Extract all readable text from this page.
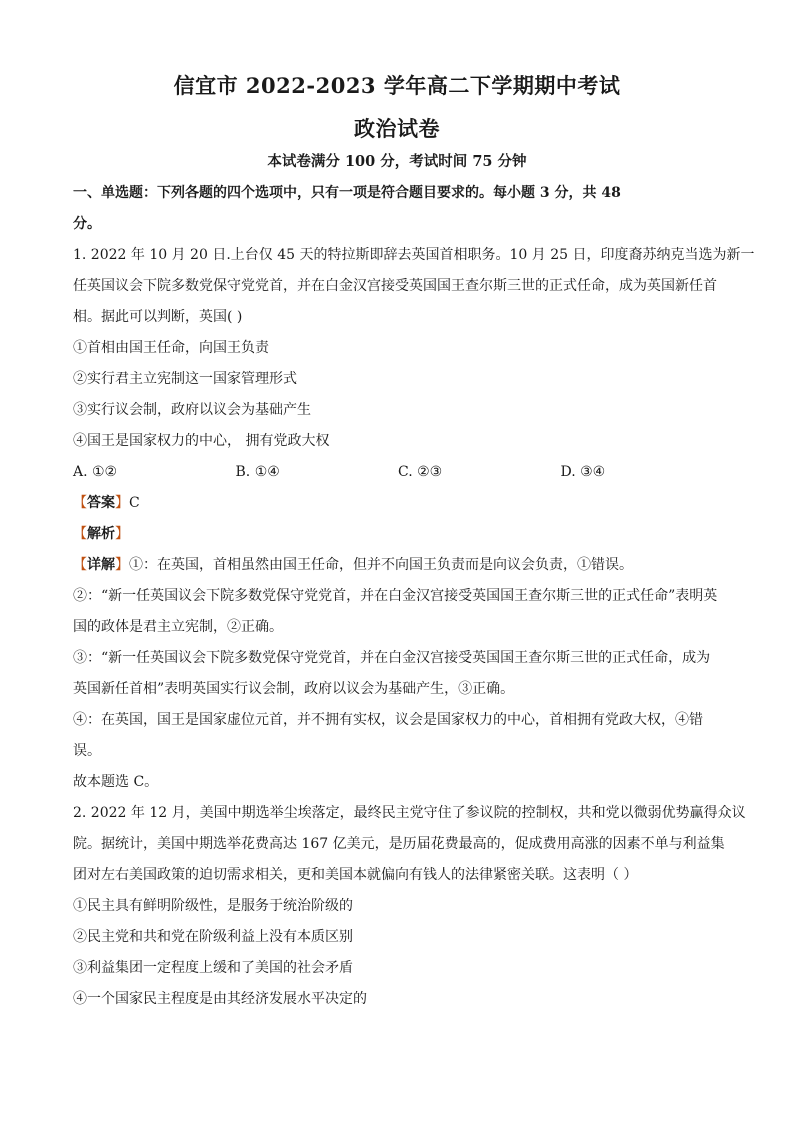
信宜市 2022-2023 学年高二下学期期中考试
政治试卷
本试卷满分 100 分，考试时间 75 分钟
一、单选题：下列各题的四个选项中，只有一项是符合题目要求的。每小题 3 分，共 48
分。
1. 2022 年 10 月 20 日.上台仅 45 天的特拉斯即辞去英国首相职务。10 月 25 日，印度裔苏纳克当选为新一
任英国议会下院多数党保守党党首，并在白金汉宫接受英国国王查尔斯三世的正式任命，成为英国新任首
相。据此可以判断，英国( )
①首相由国王任命，向国王负责
②实行君主立宪制这一国家管理形式
③实行议会制，政府以议会为基础产生
④国王是国家权力的中心， 拥有党政大权
A. ①②	B. ①④	C. ②③	D. ③④
【答案】C
【解析】
【详解】①：在英国，首相虽然由国王任命，但并不向国王负责而是向议会负责，①错误。
②：“新一任英国议会下院多数党保守党党首，并在白金汉宫接受英国国王查尔斯三世的正式任命”表明英
国的政体是君主立宪制，②正确。
③：“新一任英国议会下院多数党保守党党首，并在白金汉宫接受英国国王查尔斯三世的正式任命，成为
英国新任首相”表明英国实行议会制，政府以议会为基础产生，③正确。
④：在英国，国王是国家虚位元首，并不拥有实权，议会是国家权力的中心，首相拥有党政大权，④错
误。
故本题选 C。
2. 2022 年 12 月，美国中期选举尘埃落定，最终民主党守住了参议院的控制权，共和党以微弱优势赢得众议
院。据统计，美国中期选举花费高达 167 亿美元，是历届花费最高的，促成费用高涨的因素不单与利益集
团对左右美国政策的迫切需求相关，更和美国本就偏向有钱人的法律紧密关联。这表明（ ）
①民主具有鲜明阶级性，是服务于统治阶级的
②民主党和共和党在阶级利益上没有本质区别
③利益集团一定程度上缓和了美国的社会矛盾
④一个国家民主程度是由其经济发展水平决定的
